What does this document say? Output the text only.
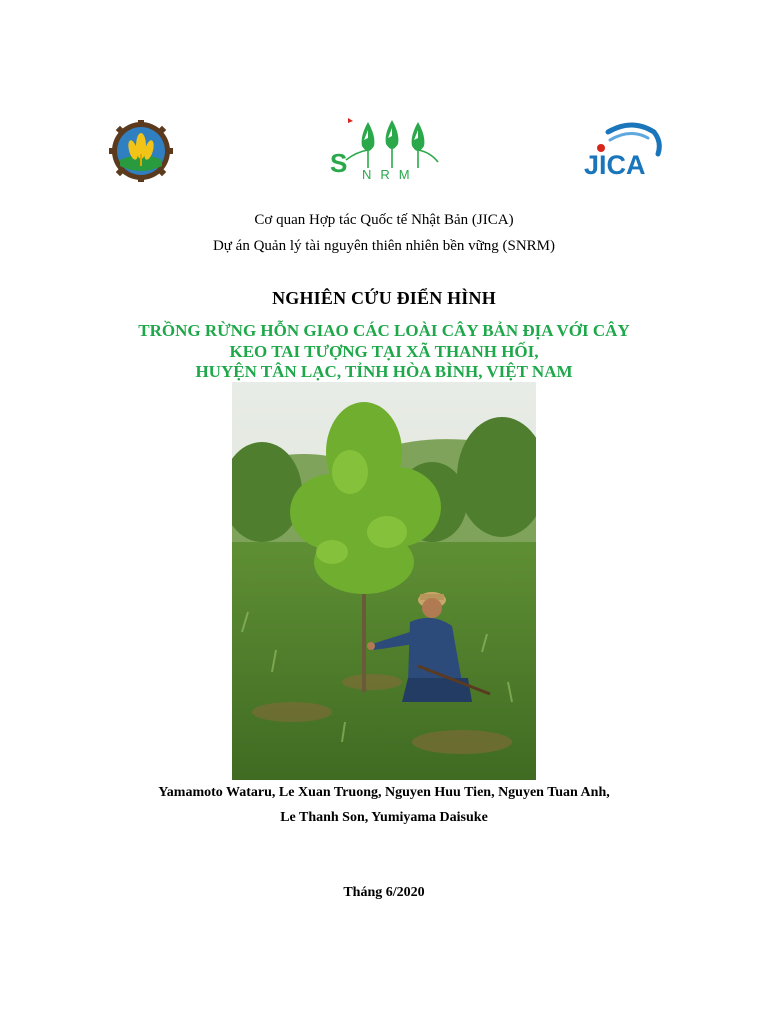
S NRM	JICA
Cơ quan Hợp tác Quốc tế Nhật Bản (JICA)
Dự án Quản lý tài nguyên thiên nhiên bền vững (SNRM)
NGHIÊN CỨU ĐIỂN HÌNH
TRỒNG RỪNG HỖN GIAO CÁC LOÀI CÂY BẢN ĐỊA VỚI CÂY
KEO TAI TƯỢNG TẠI XÃ THANH HỐI,
HUYỆN TÂN LẠC, TỈNH HÒA BÌNH, VIỆT NAM
Yamamoto Wataru, Le Xuan Truong, Nguyen Huu Tien, Nguyen Tuan Anh,
Le Thanh Son, Yumiyama Daisuke
Tháng 6/2020
